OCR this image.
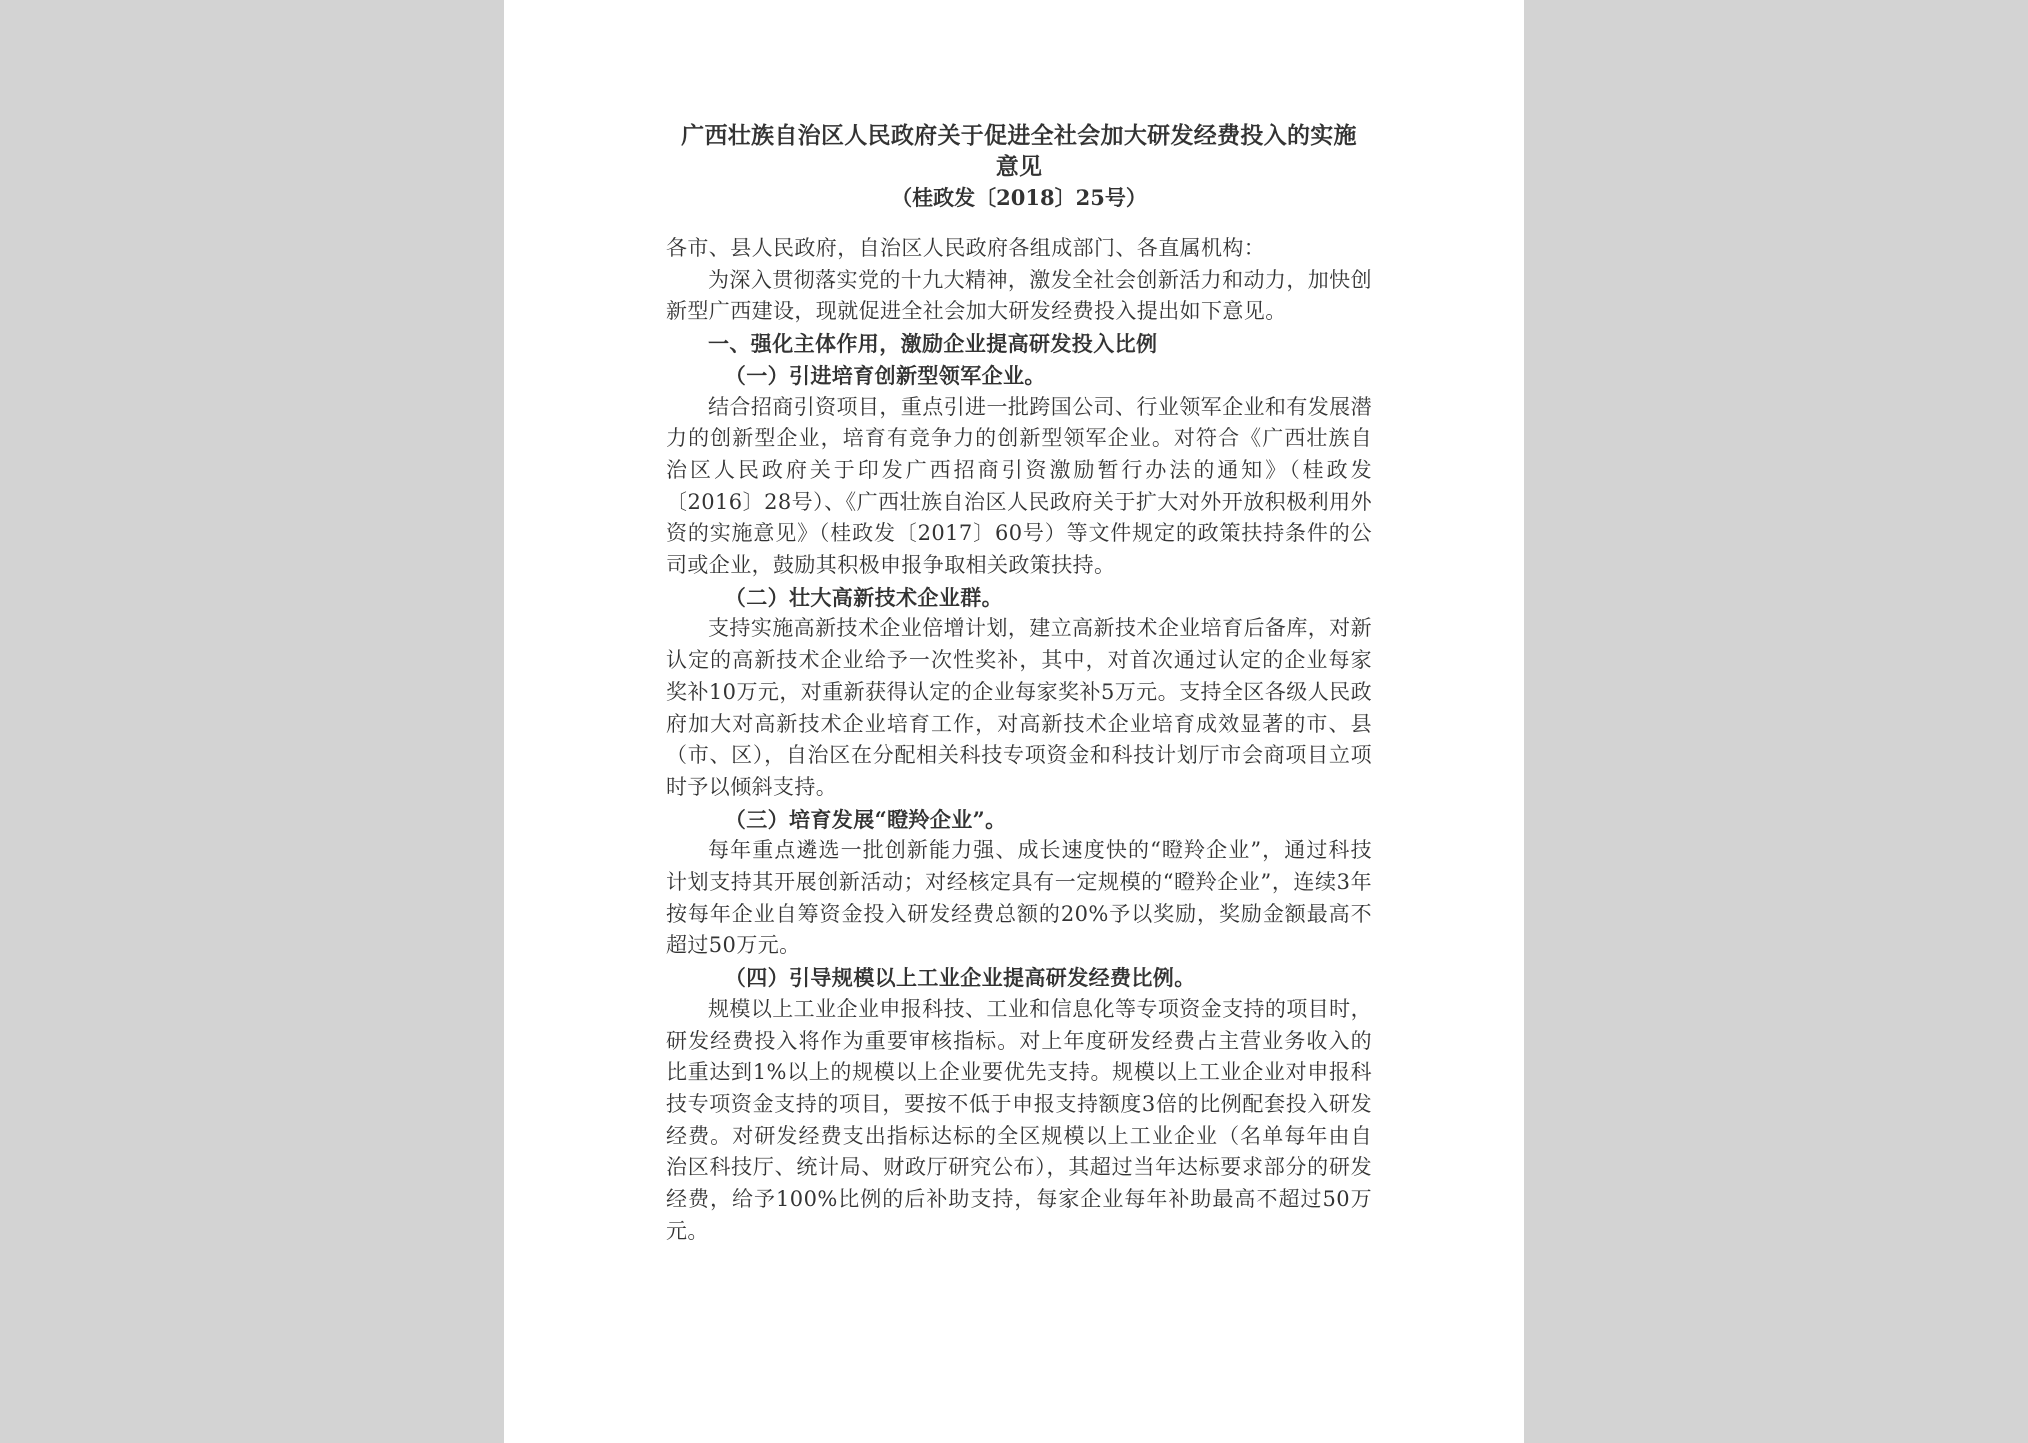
广西壮族自治区人民政府关于促进全社会加大研发经费投入的实施

意见

（桂政发〔2018〕25号）

各市、县人民政府，自治区人民政府各组成部门、各直属机构：

为深入贯彻落实党的十九大精神，激发全社会创新活力和动力，加快创新型广西建设，现就促进全社会加大研发经费投入提出如下意见。

一、强化主体作用，激励企业提高研发投入比例

（一）引进培育创新型领军企业。

结合招商引资项目，重点引进一批跨国公司、行业领军企业和有发展潜力的创新型企业，培育有竞争力的创新型领军企业。对符合《广西壮族自治区人民政府关于印发广西招商引资激励暂行办法的通知》（桂政发〔2016〕28号）、《广西壮族自治区人民政府关于扩大对外开放积极利用外资的实施意见》（桂政发〔2017〕60号）等文件规定的政策扶持条件的公司或企业，鼓励其积极申报争取相关政策扶持。

（二）壮大高新技术企业群。

支持实施高新技术企业倍增计划，建立高新技术企业培育后备库，对新认定的高新技术企业给予一次性奖补，其中，对首次通过认定的企业每家奖补10万元，对重新获得认定的企业每家奖补5万元。支持全区各级人民政府加大对高新技术企业培育工作，对高新技术企业培育成效显著的市、县（市、区），自治区在分配相关科技专项资金和科技计划厅市会商项目立项时予以倾斜支持。

（三）培育发展“瞪羚企业”。

每年重点遴选一批创新能力强、成长速度快的“瞪羚企业”，通过科技计划支持其开展创新活动；对经核定具有一定规模的“瞪羚企业”，连续3年按每年企业自筹资金投入研发经费总额的20%予以奖励，奖励金额最高不超过50万元。

（四）引导规模以上工业企业提高研发经费比例。

规模以上工业企业申报科技、工业和信息化等专项资金支持的项目时，研发经费投入将作为重要审核指标。对上年度研发经费占主营业务收入的比重达到1%以上的规模以上企业要优先支持。规模以上工业企业对申报科技专项资金支持的项目，要按不低于申报支持额度3倍的比例配套投入研发经费。对研发经费支出指标达标的全区规模以上工业企业（名单每年由自治区科技厅、统计局、财政厅研究公布），其超过当年达标要求部分的研发经费，给予100%比例的后补助支持，每家企业每年补助最高不超过50万元。
